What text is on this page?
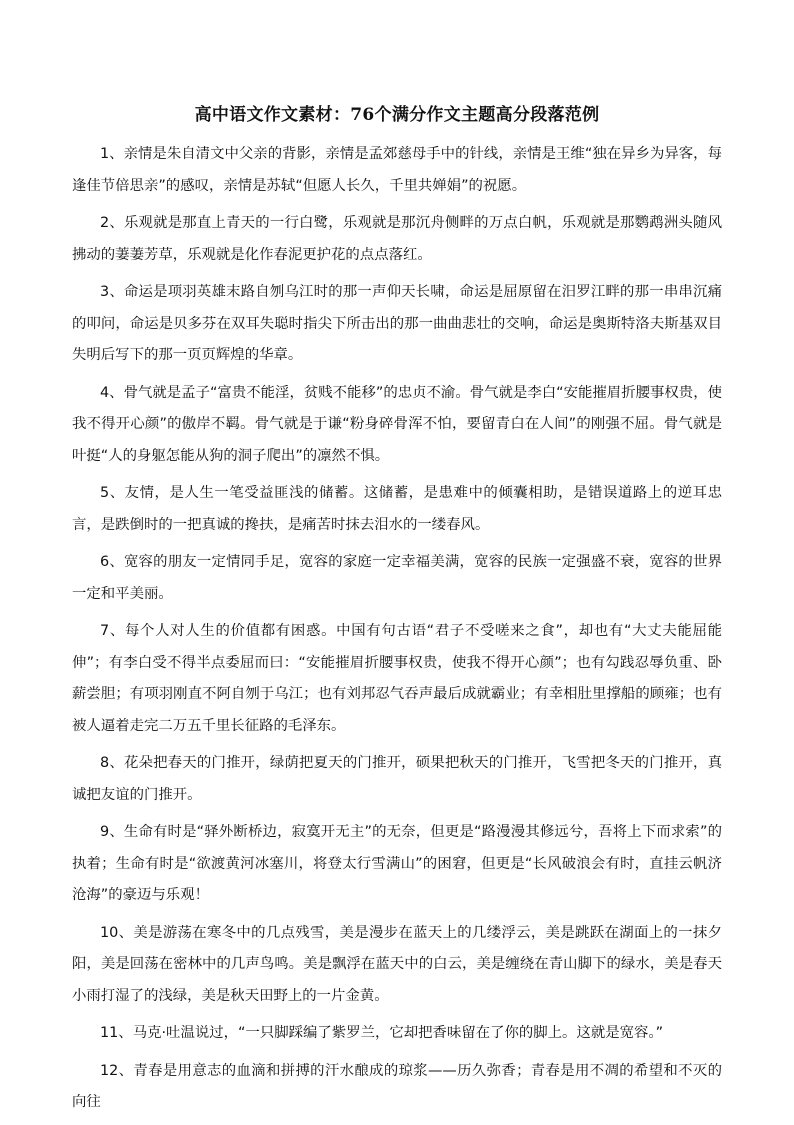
高中语文作文素材：76个满分作文主题高分段落范例

1、亲情是朱自清文中父亲的背影，亲情是孟郊慈母手中的针线，亲情是王维“独在异乡为异客，每逢佳节倍思亲”的感叹，亲情是苏轼“但愿人长久，千里共婵娟”的祝愿。

2、乐观就是那直上青天的一行白鹭，乐观就是那沉舟侧畔的万点白帆，乐观就是那鹦鹉洲头随风拂动的萋萋芳草，乐观就是化作春泥更护花的点点落红。

3、命运是项羽英雄末路自刎乌江时的那一声仰天长啸，命运是屈原留在汨罗江畔的那一串串沉痛的叩问，命运是贝多芬在双耳失聪时指尖下所击出的那一曲曲悲壮的交响，命运是奥斯特洛夫斯基双目失明后写下的那一页页辉煌的华章。

4、骨气就是孟子“富贵不能淫，贫贱不能移”的忠贞不渝。骨气就是李白“安能摧眉折腰事权贵，使我不得开心颜”的傲岸不羁。骨气就是于谦“粉身碎骨浑不怕，要留青白在人间”的刚强不屈。骨气就是叶挺“人的身躯怎能从狗的洞子爬出”的凛然不惧。

5、友情，是人生一笔受益匪浅的储蓄。这储蓄，是患难中的倾囊相助，是错误道路上的逆耳忠言，是跌倒时的一把真诚的搀扶，是痛苦时抹去泪水的一缕春风。

6、宽容的朋友一定情同手足，宽容的家庭一定幸福美满，宽容的民族一定强盛不衰，宽容的世界一定和平美丽。

7、每个人对人生的价值都有困惑。中国有句古语“君子不受嗟来之食”，却也有“大丈夫能屈能伸”；有李白受不得半点委屈而曰：“安能摧眉折腰事权贵，使我不得开心颜”；也有勾践忍辱负重、卧薪尝胆；有项羽刚直不阿自刎于乌江；也有刘邦忍气吞声最后成就霸业；有幸相肚里撑船的顾雍；也有被人逼着走完二万五千里长征路的毛泽东。

8、花朵把春天的门推开，绿荫把夏天的门推开，硕果把秋天的门推开，飞雪把冬天的门推开，真诚把友谊的门推开。

9、生命有时是“驿外断桥边，寂寞开无主”的无奈，但更是“路漫漫其修远兮，吾将上下而求索”的执着；生命有时是“欲渡黄河冰塞川，将登太行雪满山”的困窘，但更是“长风破浪会有时，直挂云帆济沧海”的豪迈与乐观！

10、美是游荡在寒冬中的几点残雪，美是漫步在蓝天上的几缕浮云，美是跳跃在湖面上的一抹夕阳，美是回荡在密林中的几声鸟鸣。美是飘浮在蓝天中的白云，美是缠绕在青山脚下的绿水，美是春天小雨打湿了的浅绿，美是秋天田野上的一片金黄。

11、马克·吐温说过，“一只脚踩编了紫罗兰，它却把香味留在了你的脚上。这就是宽容。”

12、青春是用意志的血滴和拼搏的汗水酿成的琼浆——历久弥香；青春是用不凋的希望和不灭的向往
